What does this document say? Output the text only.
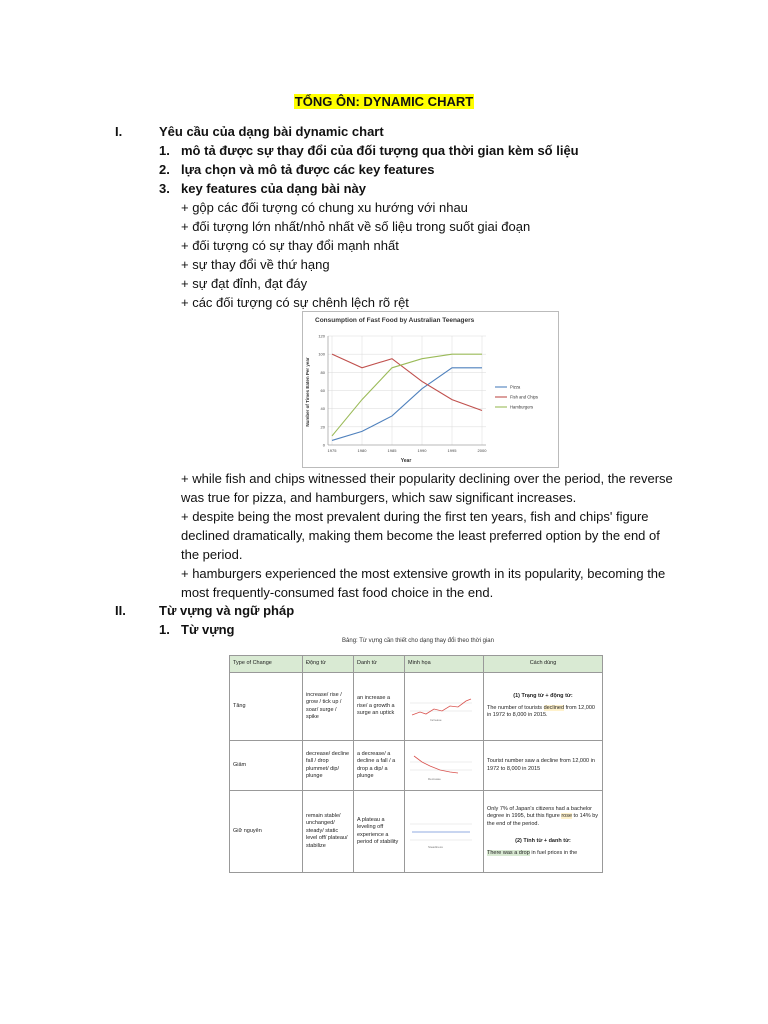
TỔNG ÔN: DYNAMIC CHART
I.	Yêu cầu của dạng bài dynamic chart
1. mô tả được sự thay đổi của đối tượng qua thời gian kèm số liệu
2. lựa chọn và mô tả được các key features
3. key features của dạng bài này
+ gộp các đối tượng có chung xu hướng với nhau
+ đối tượng lớn nhất/nhỏ nhất về số liệu trong suốt giai đoạn
+ đối tượng có sự thay đổi mạnh nhất
+ sự thay đổi về thứ hạng
+ sự đạt đỉnh, đạt đáy
+ các đối tượng có sự chênh lệch rõ rệt
Consumption of Fast Food by Australian Teenagers
Year
Number of Times Eaten Per year
0
20
40
60
80
100
120
1975	1980	1985	1990	1995	2000
Pizza
Fish and Chips
Hamburgers
+ while fish and chips witnessed their popularity declining over the period, the reverse was true for pizza, and hamburgers, which saw significant increases.
+ despite being the most prevalent during the first ten years, fish and chips' figure declined dramatically, making them become the least preferred option by the end of the period.
+ hamburgers experienced the most extensive growth in its popularity, becoming the most frequently-consumed fast food choice in the end.
II.	Từ vựng và ngữ pháp
1. Từ vựng
Bảng: Từ vựng cần thiết cho dạng thay đổi theo thời gian
Type of Change	Động từ	Danh từ	Minh họa	Cách dùng
Tăng	increase/ rise / grow / tick up / soar/ surge / spike	an increase a rise/ a growth a surge an uptick	Increase	(1) Trạng từ + động từ:
The number of tourists declined from 12,000 in 1972 to 8,000 in 2015.

Giảm	decrease/ decline fall / drop plummet/ dip/ plunge	a decrease/ a decline a fall / a drop a dip/ a plunge	Decrease	Tourist number saw a decline from 12,000 in 1972 to 8,000 in 2015
Giữ nguyên	remain stable/ unchanged/ steady/ static level off/ plateau/ stabilize	A plateau a leveling off experience a period of stability	Steadiness	Only 7% of Japan's citizens had a bachelor degree in 1995, but this figure rose to 14% by the end of the period.
(2) Tính từ + danh từ:
There was a drop in fuel prices in the
